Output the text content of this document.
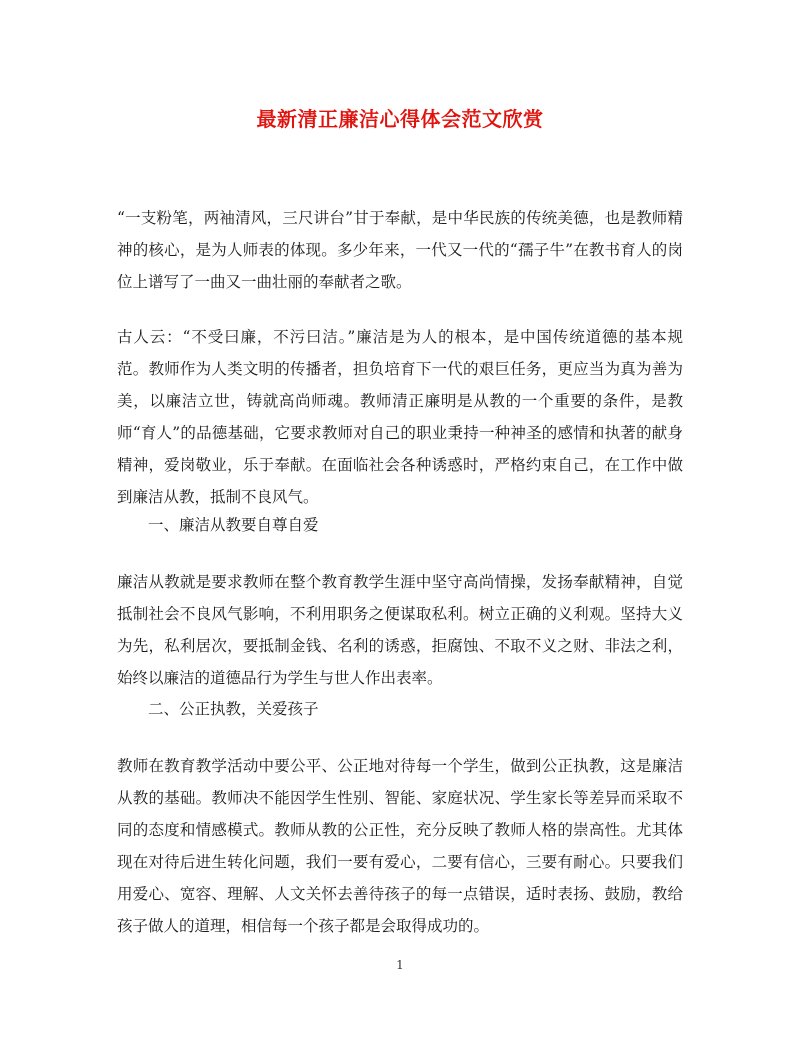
最新清正廉洁心得体会范文欣赏

“一支粉笔，两袖清风，三尺讲台”甘于奉献，是中华民族的传统美德，也是教师精神的核心，是为人师表的体现。多少年来，一代又一代的“孺子牛”在教书育人的岗位上谱写了一曲又一曲壮丽的奉献者之歌。

古人云：“不受曰廉，不污曰洁。”廉洁是为人的根本，是中国传统道德的基本规范。教师作为人类文明的传播者，担负培育下一代的艰巨任务，更应当为真为善为美，以廉洁立世，铸就高尚师魂。教师清正廉明是从教的一个重要的条件，是教师“育人”的品德基础，它要求教师对自己的职业秉持一种神圣的感情和执著的献身精神，爱岗敬业，乐于奉献。在面临社会各种诱惑时，严格约束自己，在工作中做到廉洁从教，抵制不良风气。

一、廉洁从教要自尊自爱

廉洁从教就是要求教师在整个教育教学生涯中坚守高尚情操，发扬奉献精神，自觉抵制社会不良风气影响，不利用职务之便谋取私利。树立正确的义利观。坚持大义为先，私利居次，要抵制金钱、名利的诱惑，拒腐蚀、不取不义之财、非法之利，始终以廉洁的道德品行为学生与世人作出表率。

二、公正执教，关爱孩子

教师在教育教学活动中要公平、公正地对待每一个学生，做到公正执教，这是廉洁从教的基础。教师决不能因学生性别、智能、家庭状况、学生家长等差异而采取不同的态度和情感模式。教师从教的公正性，充分反映了教师人格的崇高性。尤其体现在对待后进生转化问题，我们一要有爱心，二要有信心，三要有耐心。只要我们用爱心、宽容、理解、人文关怀去善待孩子的每一点错误，适时表扬、鼓励，教给孩子做人的道理，相信每一个孩子都是会取得成功的。

1
